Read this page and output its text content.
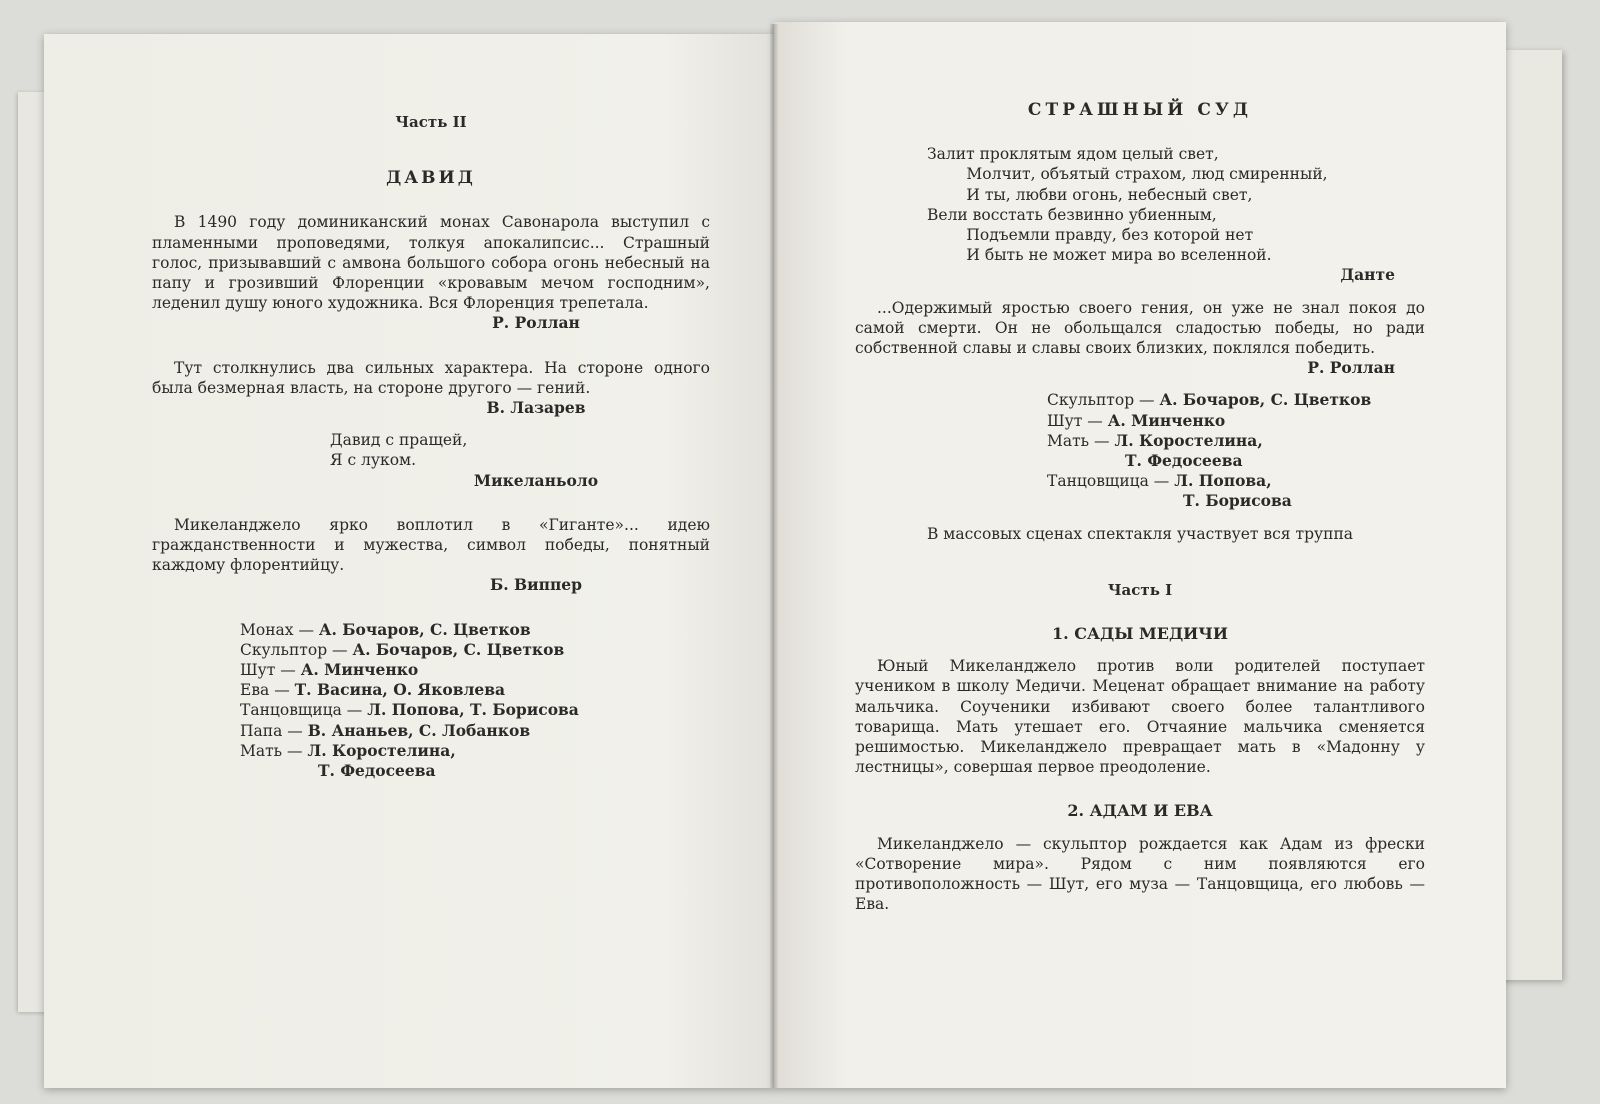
Часть II
ДАВИД

В 1490 году доминиканский монах Савонарола выступил с пламенными проповедями, толкуя апокалипсис... Страшный голос, призывавший с амвона большого собора огонь небесный на папу и грозивший Флоренции «кровавым мечом господним», леденил душу юного художника. Вся Флоренция трепетала.

Р. Роллан

Тут столкнулись два сильных характера. На стороне одного была безмерная власть, на стороне другого — гений.

В. Лазарев
Давид с пращей,
Я с луком.
Микеланьоло

Микеланджело ярко воплотил в «Гиганте»... идею гражданственности и мужества, символ победы, понятный каждому флорентийцу.

Б. Виппер
Монах — А. Бочаров, С. Цветков
Скульптор — А. Бочаров, С. Цветков
Шут — А. Минченко
Ева — Т. Васина, О. Яковлева
Танцовщица — Л. Попова, Т. Борисова
Папа — В. Ананьев, С. Лобанков
Мать — Л. Коростелина,
Т. Федосеева
СТРАШНЫЙ СУД
Залит проклятым ядом целый свет,
Молчит, объятый страхом, люд смиренный,
И ты, любви огонь, небесный свет,
Вели восстать безвинно убиенным,
Подъемли правду, без которой нет
И быть не может мира во вселенной.
Данте

...Одержимый яростью своего гения, он уже не знал покоя до самой смерти. Он не обольщался сладостью победы, но ради собственной славы и славы своих близких, поклялся победить.

Р. Роллан
Скульптор — А. Бочаров, С. Цветков
Шут — А. Минченко
Мать — Л. Коростелина,
Т. Федосеева
Танцовщица — Л. Попова,
Т. Борисова
В массовых сценах спектакля участвует вся труппа
Часть I
1. САДЫ МЕДИЧИ

Юный Микеланджело против воли родителей поступает учеником в школу Медичи. Меценат обращает внимание на работу мальчика. Соученики избивают своего более талантливого товарища. Мать утешает его. Отчаяние мальчика сменяется решимостью. Микеланджело превращает мать в «Мадонну у лестницы», совершая первое преодоление.

2. АДАМ И ЕВА

Микеланджело — скульптор рождается как Адам из фрески «Сотворение мира». Рядом с ним появляются его противоположность — Шут, его муза — Танцовщица, его любовь — Ева.
